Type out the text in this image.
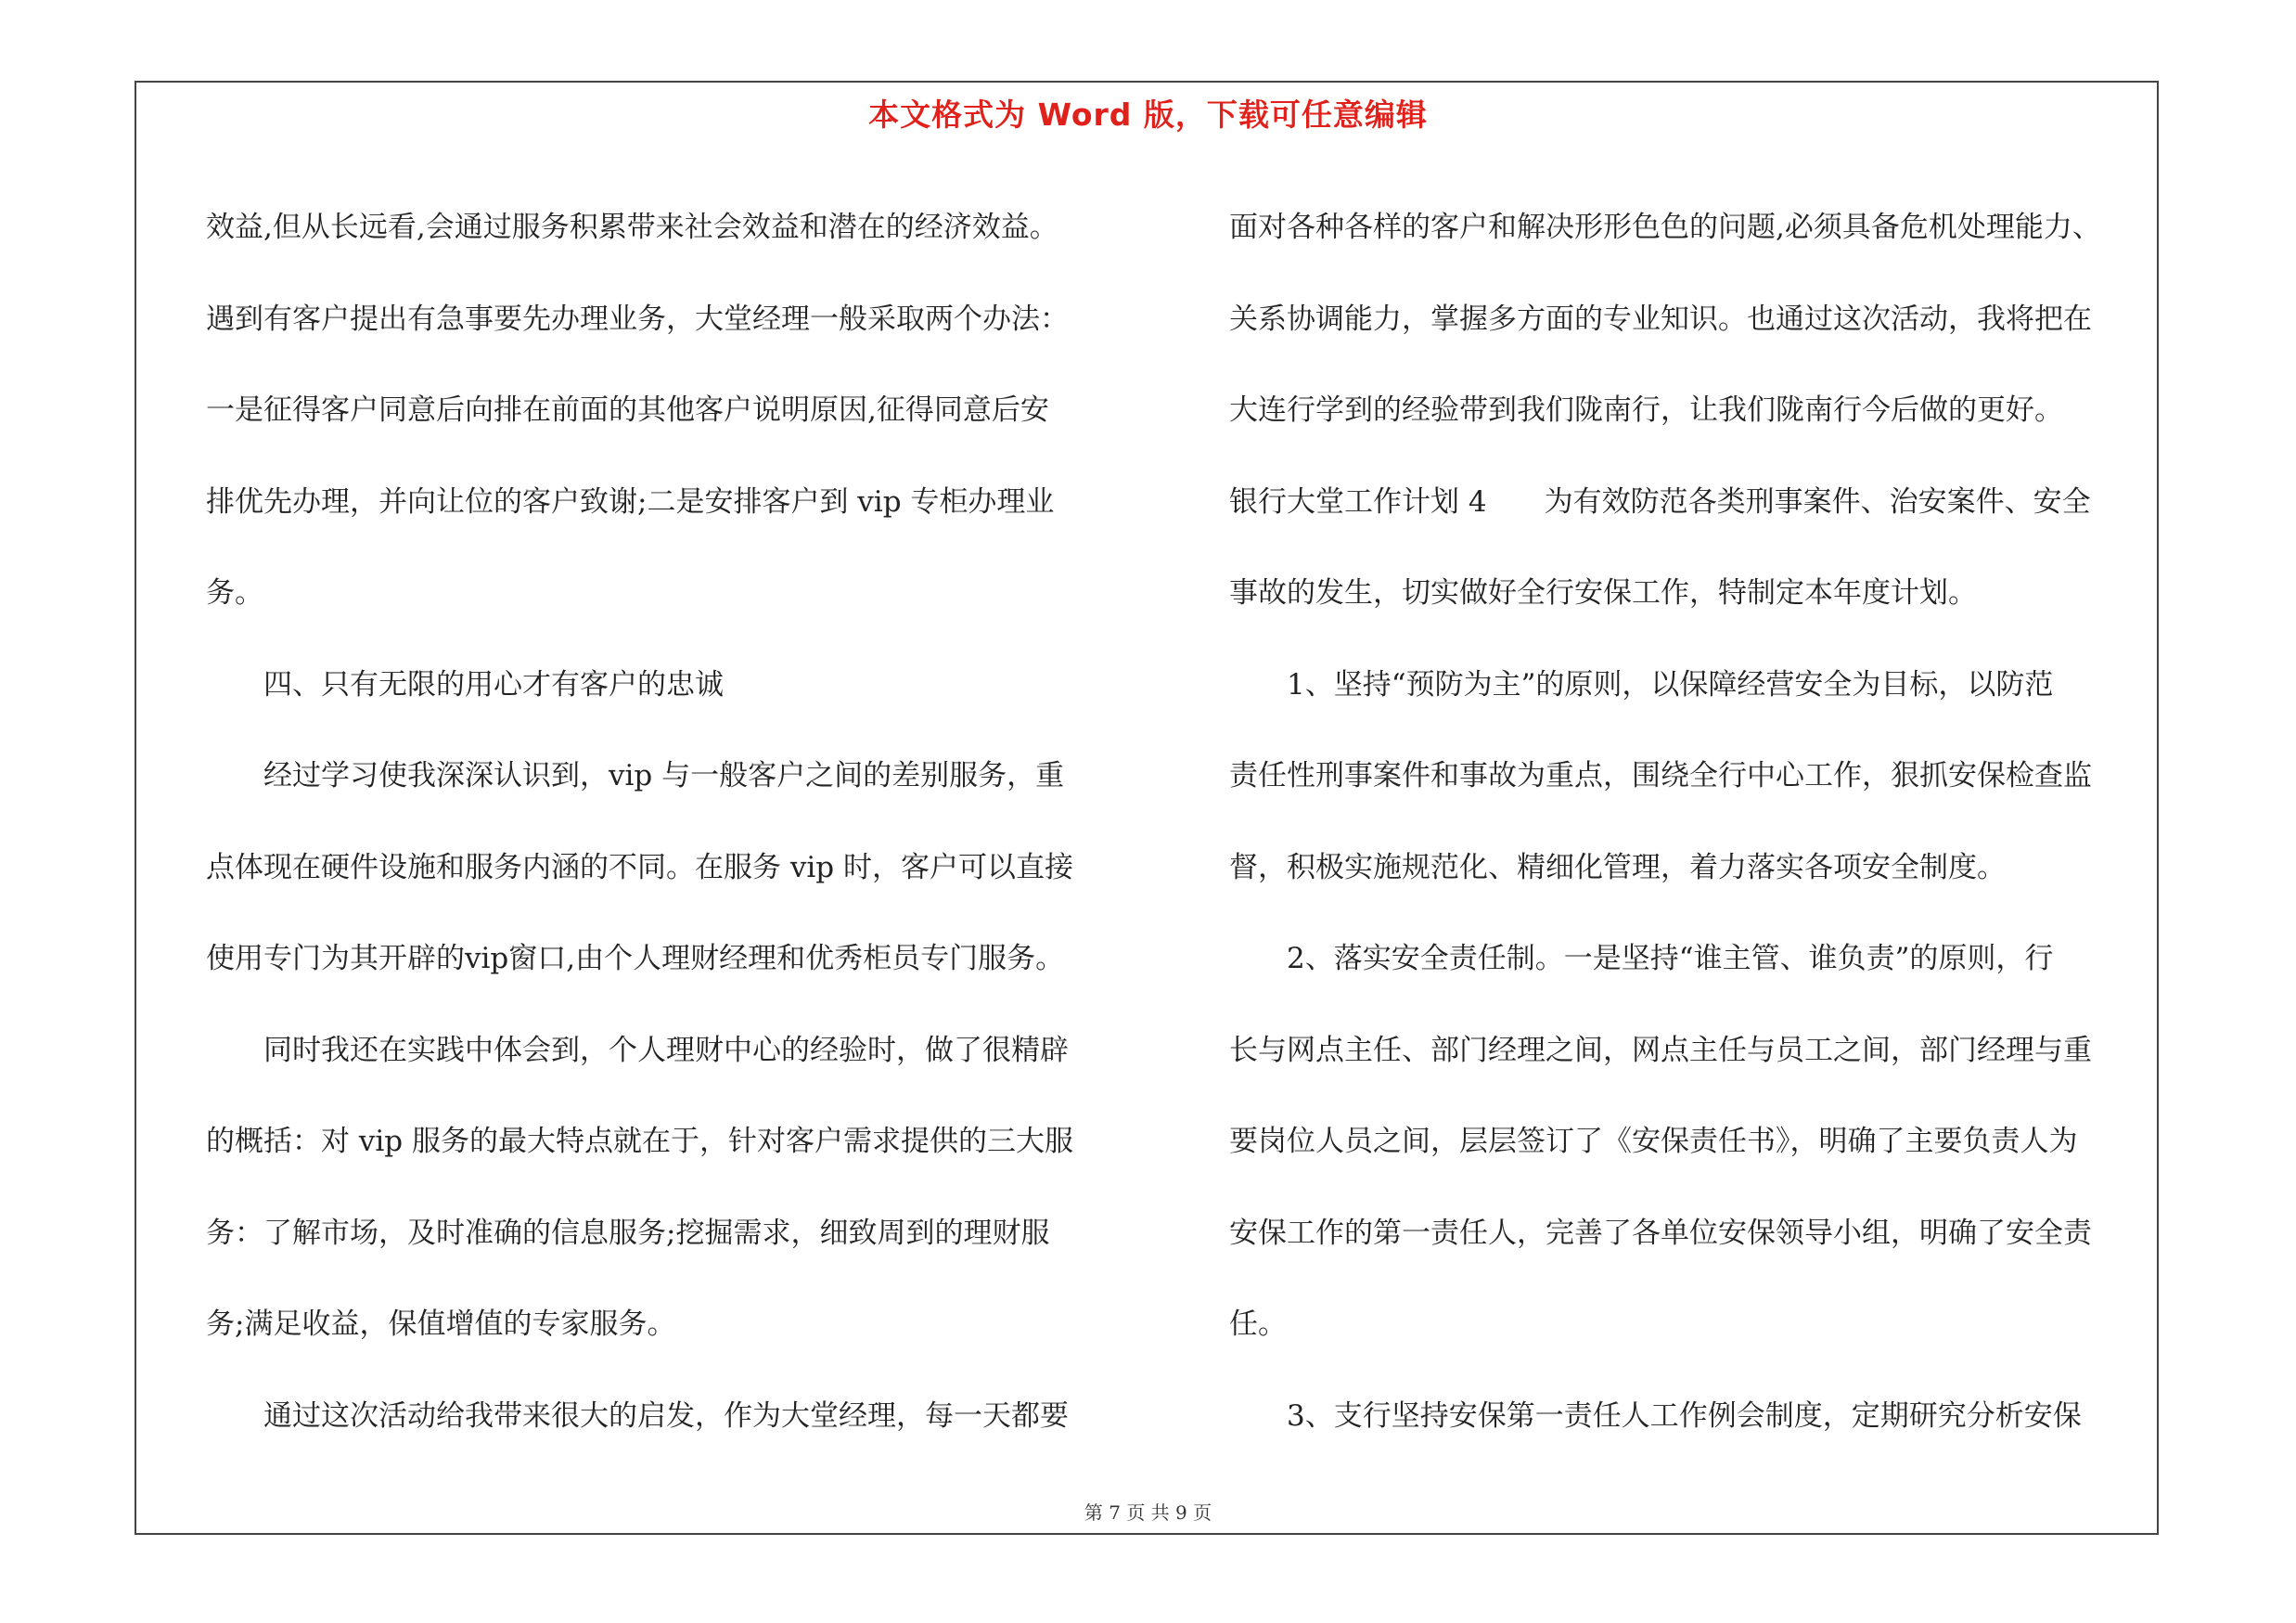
本文格式为 Word 版，下载可任意编辑
效益,但从长远看,会通过服务积累带来社会效益和潜在的经济效益。
遇到有客户提出有急事要先办理业务，大堂经理一般采取两个办法：
一是征得客户同意后向排在前面的其他客户说明原因,征得同意后安
排优先办理，并向让位的客户致谢;二是安排客户到 vip 专柜办理业
务。
　　四、只有无限的用心才有客户的忠诚
　　经过学习使我深深认识到，vip 与一般客户之间的差别服务，重
点体现在硬件设施和服务内涵的不同。在服务 vip 时，客户可以直接
使用专门为其开辟的vip窗口,由个人理财经理和优秀柜员专门服务。
　　同时我还在实践中体会到，个人理财中心的经验时，做了很精辟
的概括：对 vip 服务的最大特点就在于，针对客户需求提供的三大服
务：了解市场，及时准确的信息服务;挖掘需求，细致周到的理财服
务;满足收益，保值增值的专家服务。
　　通过这次活动给我带来很大的启发，作为大堂经理，每一天都要
面对各种各样的客户和解决形形色色的问题,必须具备危机处理能力、
关系协调能力，掌握多方面的专业知识。也通过这次活动，我将把在
大连行学到的经验带到我们陇南行，让我们陇南行今后做的更好。
银行大堂工作计划 4　　为有效防范各类刑事案件、治安案件、安全
事故的发生，切实做好全行安保工作，特制定本年度计划。
　　1、坚持“预防为主”的原则，以保障经营安全为目标，以防范
责任性刑事案件和事故为重点，围绕全行中心工作，狠抓安保检查监
督，积极实施规范化、精细化管理，着力落实各项安全制度。
　　2、落实安全责任制。一是坚持“谁主管、谁负责”的原则，行
长与网点主任、部门经理之间，网点主任与员工之间，部门经理与重
要岗位人员之间，层层签订了《安保责任书》，明确了主要负责人为
安保工作的第一责任人，完善了各单位安保领导小组，明确了安全责
任。
　　3、支行坚持安保第一责任人工作例会制度，定期研究分析安保
第 7 页 共 9 页
